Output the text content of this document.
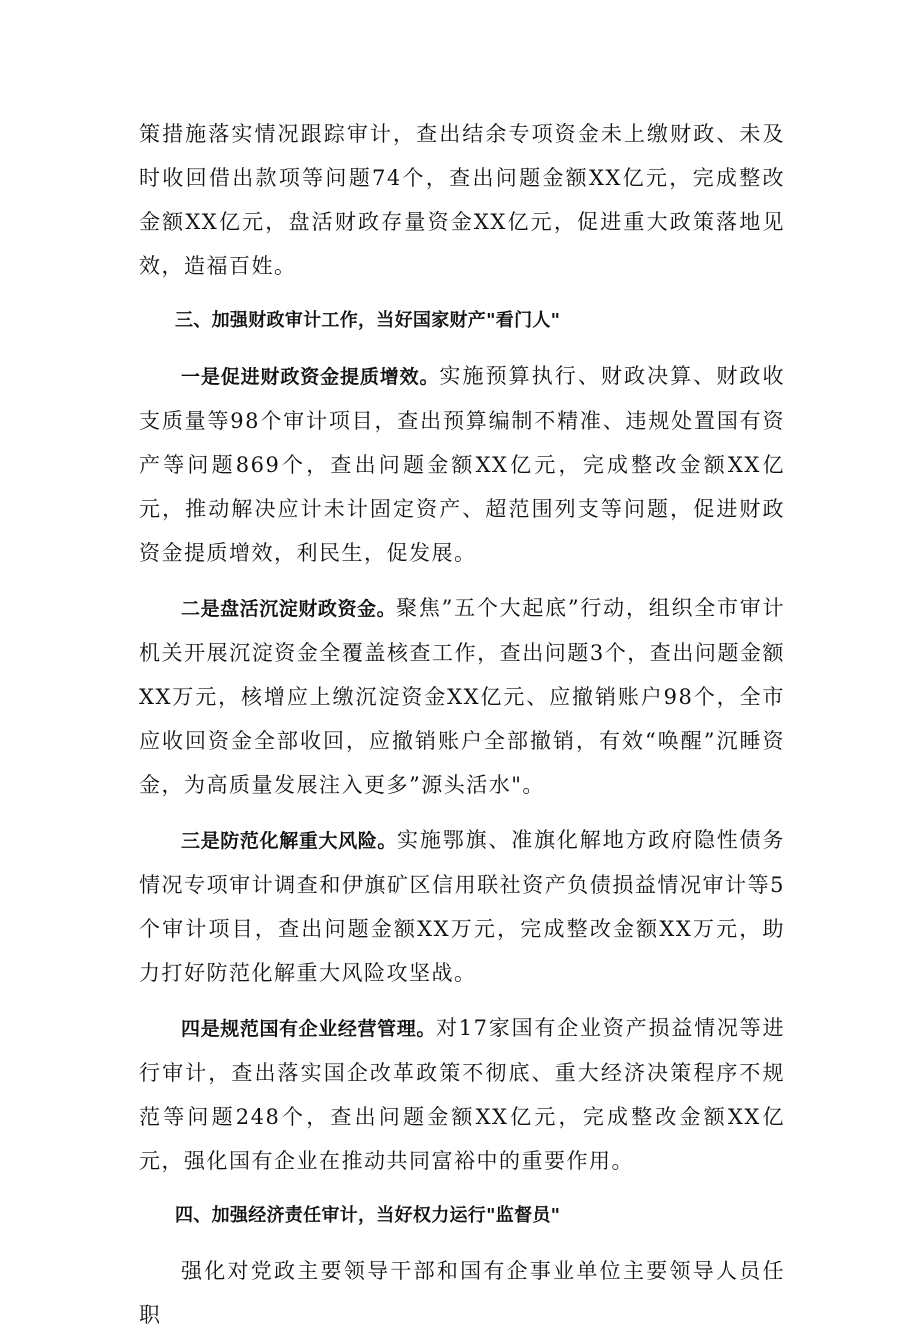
策措施落实情况跟踪审计，查出结余专项资金未上缴财政、未及时收回借出款项等问题74个，查出问题金额XX亿元，完成整改金额XX亿元，盘活财政存量资金XX亿元，促进重大政策落地见效，造福百姓。

三、加强财政审计工作，当好国家财产"看门人"

一是促进财政资金提质增效。实施预算执行、财政决算、财政收支质量等98个审计项目，查出预算编制不精准、违规处置国有资产等问题869个，查出问题金额XX亿元，完成整改金额XX亿元，推动解决应计未计固定资产、超范围列支等问题，促进财政资金提质增效，利民生，促发展。

二是盘活沉淀财政资金。聚焦”五个大起底”行动，组织全市审计机关开展沉淀资金全覆盖核查工作，查出问题3个，查出问题金额XX万元，核增应上缴沉淀资金XX亿元、应撤销账户98个，全市应收回资金全部收回，应撤销账户全部撤销，有效“唤醒”沉睡资金，为高质量发展注入更多”源头活水"。

三是防范化解重大风险。实施鄂旗、准旗化解地方政府隐性债务情况专项审计调查和伊旗矿区信用联社资产负债损益情况审计等5个审计项目，查出问题金额XX万元，完成整改金额XX万元，助力打好防范化解重大风险攻坚战。

四是规范国有企业经营管理。对17家国有企业资产损益情况等进行审计，查出落实国企改革政策不彻底、重大经济决策程序不规范等问题248个，查出问题金额XX亿元，完成整改金额XX亿元，强化国有企业在推动共同富裕中的重要作用。

四、加强经济责任审计，当好权力运行"监督员"

强化对党政主要领导干部和国有企事业单位主要领导人员任职
